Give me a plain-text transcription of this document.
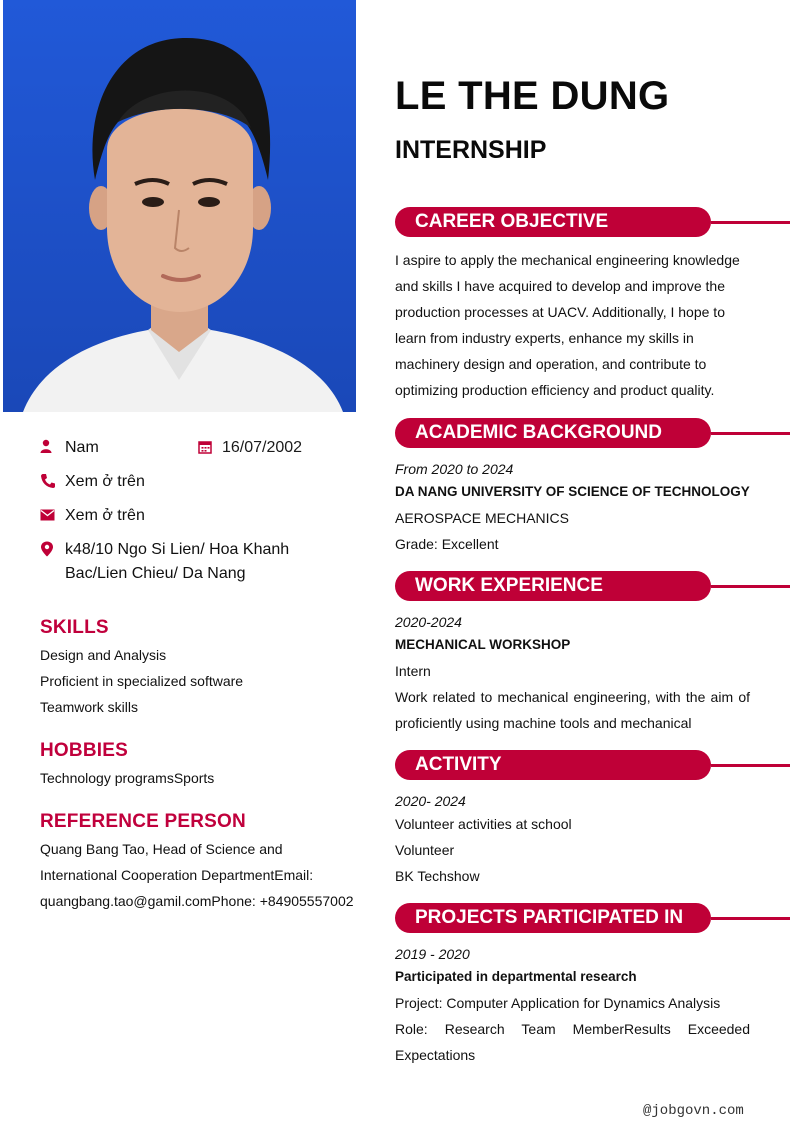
Nam	16/07/2002
Xem ở trên
Xem ở trên
k48/10 Ngo Si Lien/ Hoa Khanh
Bac/Lien Chieu/ Da Nang
SKILLS
Design and Analysis
Proficient in specialized software
Teamwork skills
HOBBIES
Technology programsSports
REFERENCE PERSON
Quang Bang Tao, Head of Science and
International Cooperation DepartmentEmail:
quangbang.tao@gamil.comPhone: +84905557002
LE THE DUNG
INTERNSHIP
CAREER OBJECTIVE

I aspire to apply the mechanical engineering knowledge

and skills I have acquired to develop and improve the

production processes at UACV. Additionally, I hope to

learn from industry experts, enhance my skills in

machinery design and operation, and contribute to

optimizing production efficiency and product quality.

ACADEMIC BACKGROUND
From 2020 to 2024
DA NANG UNIVERSITY OF SCIENCE OF TECHNOLOGY

AEROSPACE MECHANICS

Grade: Excellent

WORK EXPERIENCE
2020-2024
MECHANICAL WORKSHOP

Intern

Work related to mechanical engineering, with the aim of

proficiently using machine tools and mechanical

ACTIVITY
2020- 2024

Volunteer activities at school

Volunteer

BK Techshow

PROJECTS PARTICIPATED IN
2019 - 2020
Participated in departmental research

Project: Computer Application for Dynamics Analysis

Role: Research Team MemberResults Exceeded

Expectations

@jobgovn.com
